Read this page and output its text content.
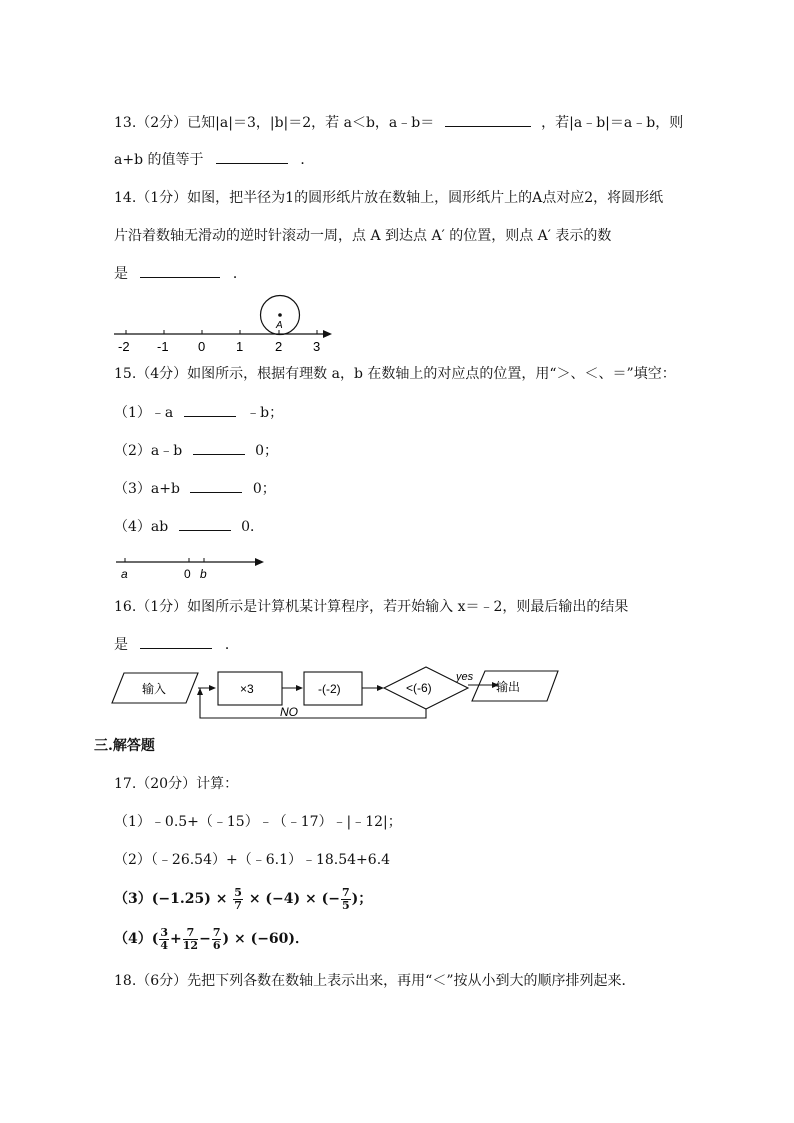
13.（2分）已知|a|＝3，|b|＝2，若 a＜b，a﹣b＝	，若|a﹣b|＝a﹣b，则
a+b 的值等于	．
14.（1分）如图，把半径为1的圆形纸片放在数轴上，圆形纸片上的A点对应2，将圆形纸
片沿着数轴无滑动的逆时针滚动一周，点 A 到达点 A′ 的位置，则点 A′ 表示的数
是	．
A
-2 -1 0 1 2 3
15.（4分）如图所示，根据有理数 a，b 在数轴上的对应点的位置，用“＞、＜、＝”填空：
（1）﹣a	﹣b；
（2）a﹣b	0；
（3）a+b	0；
（4）ab	0．
a	0 b
16.（1分）如图所示是计算机某计算程序，若开始输入 x＝﹣2，则最后输出的结果
是	．
输入	×3	-(-2)	<(-6)
yes
输出
NO
三.解答题
17.（20分）计算：
（1）﹣0.5+（﹣15）﹣（﹣17）﹣|﹣12|；
（2）（﹣26.54）+（﹣6.1）﹣18.54+6.4
$(3)(-1.25) \times \frac{5}{7} \times (-4)$ × (− $\frac{7}{5}$ )；
$(4)( \frac{3}{4} + \frac{7}{12} - \frac{7}{6}$ ) × (−60)．
18.（6分）先把下列各数在数轴上表示出来，再用“＜”按从小到大的顺序排列起来．
